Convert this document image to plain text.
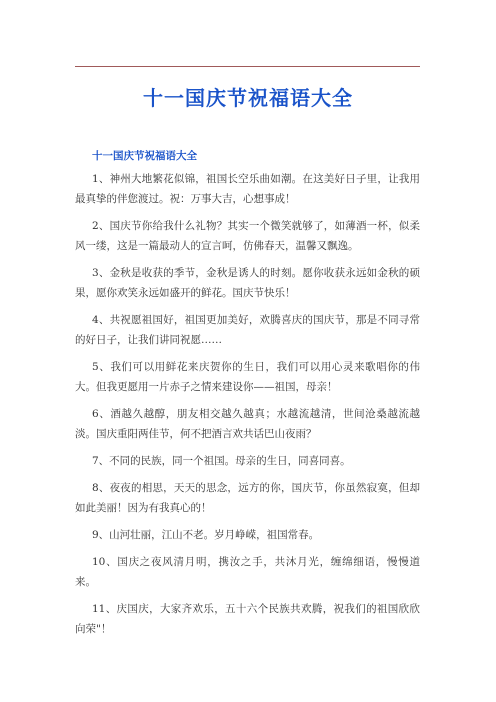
十一国庆节祝福语大全
十一国庆节祝福语大全

1、神州大地繁花似锦，祖国长空乐曲如潮。在这美好日子里，让我用最真挚的伴您渡过。祝：万事大吉，心想事成！

2、国庆节你给我什么礼物？其实一个微笑就够了，如薄酒一杯，似柔风一缕，这是一篇最动人的宣言呵，仿佛春天，温馨又飘逸。

3、金秋是收获的季节，金秋是诱人的时刻。愿你收获永远如金秋的硕果，愿你欢笑永远如盛开的鲜花。国庆节快乐！

4、共祝愿祖国好，祖国更加美好，欢腾喜庆的国庆节，那是不同寻常的好日子，让我们讲同祝愿……

5、我们可以用鲜花来庆贺你的生日，我们可以用心灵来歌唱你的伟大。但我更愿用一片赤子之情来建设你——祖国，母亲！

6、酒越久越醇，朋友相交越久越真；水越流越清，世间沧桑越流越淡。国庆重阳两佳节，何不把酒言欢共话巴山夜雨？

7、不同的民族，同一个祖国。母亲的生日，同喜同喜。

8、夜夜的相思，天天的思念，远方的你，国庆节，你虽然寂寞，但却如此美丽！因为有我真心的！

9、山河壮丽，江山不老。岁月峥嵘，祖国常春。

10、国庆之夜风清月明，携汝之手，共沐月光，缠绵细语，慢慢道来。

11、庆国庆，大家齐欢乐，五十六个民族共欢腾，祝我们的祖国欣欣向荣"！
